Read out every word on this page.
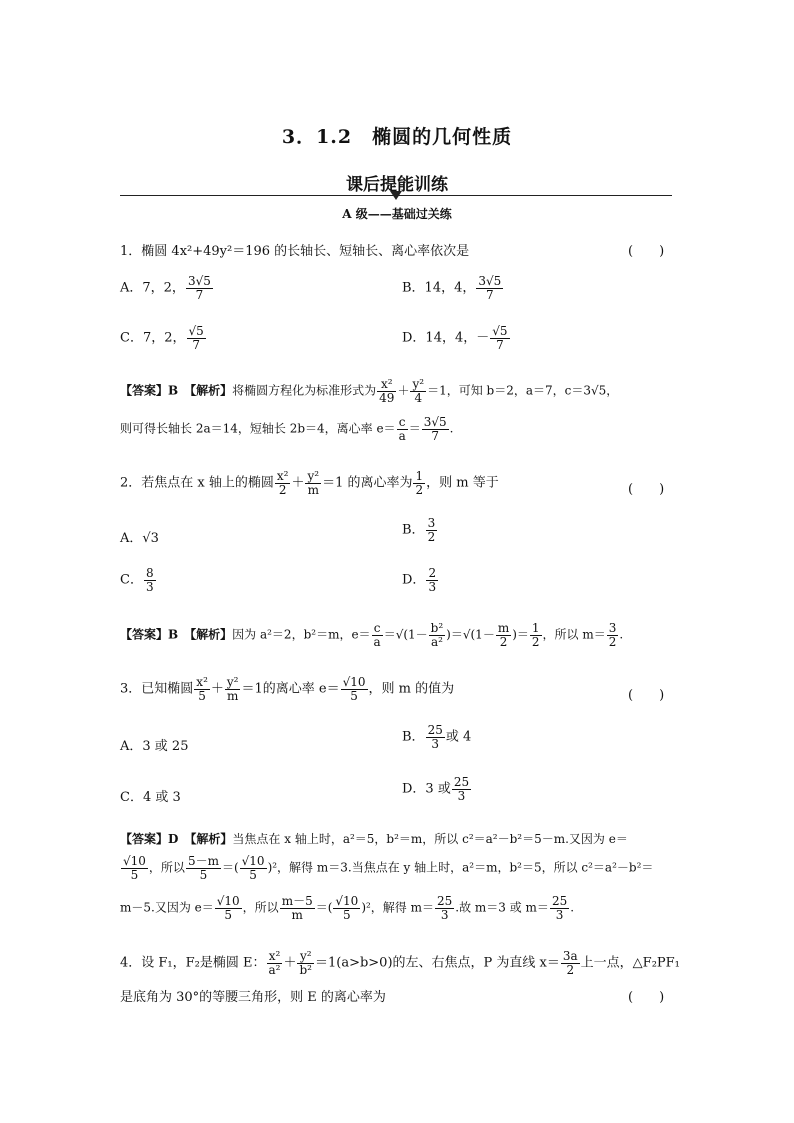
3．1.2　椭圆的几何性质
课后提能训练
A 级——基础过关练
1．椭圆 4x²+49y²＝196 的长轴长、短轴长、离心率依次是	(　　)
A．7，2， $\frac{3√5}{7}$	B．14，4， $\frac{3√5}{7}$
C．7，2， $\frac{√5}{7}$	D．14，4，－ $\frac{√5}{7}$
【答案】B　【解析】将椭圆方程化为标准形式为 $\frac{\text{x²}}{49} + \frac{\text{y²}}{4} =1$，可知 b＝2，a＝7，c＝3√5，
则可得长轴长 2a＝14，短轴长 2b＝4，离心率 $e= \frac{c}{a} = \frac{3√5}{7}$ .
2．若焦点在 x 轴上的椭圆 $\frac{\text{x²}}{2} + \frac{\text{y²}}{m} =1$ 的离心率为 $\frac{1}{2}$ ，则 m 等于	(　　)
A．√3
B． $\frac{3}{2}$
C． $\frac{8}{3}$	D． $\frac{2}{3}$
【答案】B　【解析】因为 a²＝2，b²＝m，$e= \frac{c}{a} =√(1- \frac{\text{b²}}{\text{a²}} )=√(1- \frac{m}{2}$ )＝ $\frac{1}{2}$ ，所以 $m= \frac{3}{2}$ .
3．已知椭圆 $\frac{\text{x²}}{5} + \frac{\text{y²}}{m} =1$的离心率 $e= \frac{√10}{5}$ ，则 m 的值为	(　　)
A．3 或 25
B． $\frac{25}{3}$ 或 4
C．4 或 3
D．3 或 $\frac{25}{3}$
【答案】D　【解析】当焦点在 x 轴上时，a²＝5，b²＝m，所以 c²＝a²－b²＝5－m.又因为 e＝
$\frac{√10}{5}$ ，所以 $\frac{5-m}{5}$ ＝( $\frac{√10}{5} )^2$，解得 m＝3.当焦点在 y 轴上时，a²＝m，b²＝5，所以 c²＝a²－b²＝
m－5.又因为 $e= \frac{√10}{5}$ ，所以 $\frac{m-5}{m}$ ＝( $\frac{√10}{5} )^2$，解得 $m= \frac{25}{3}$ .故 m＝3 或 $m= \frac{25}{3}$ .
4．设 F₁，F₂是椭圆 E： $\frac{\text{x²}}{\text{a²}} + \frac{\text{y²}}{\text{b²}} =1(a>b>0)$的左、右焦点，P 为直线 $x= \frac{3a}{2}$ 上一点，△F₂PF₁
是底角为 30°的等腰三角形，则 E 的离心率为	(　　)
